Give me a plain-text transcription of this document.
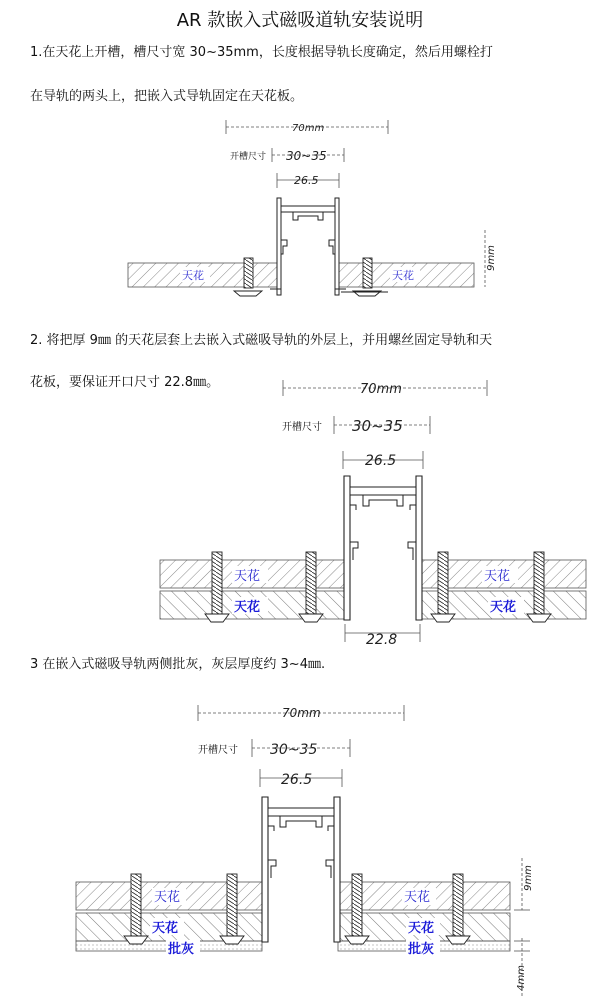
AR 款嵌入式磁吸道轨安装说明
1.在天花上开槽，槽尺寸宽 30~35mm，长度根据导轨长度确定，然后用螺栓打
在导轨的两头上，把嵌入式导轨固定在天花板。
2. 将把厚 9㎜ 的天花层套上去嵌入式磁吸导轨的外层上，并用螺丝固定导轨和天
花板，要保证开口尺寸 22.8㎜。
3 在嵌入式磁吸导轨两侧批灰，灰层厚度约 3~4㎜.
70mm
开槽尺寸 30~35
26.5
天花	天花
9mm
70mm
开槽尺寸 30~35
26.5
天花
天花
天花
天花
22.8
70mm
开槽尺寸 30~35
26.5
天花
天花
批灰
天花
天花
批灰
9mm
4mm
